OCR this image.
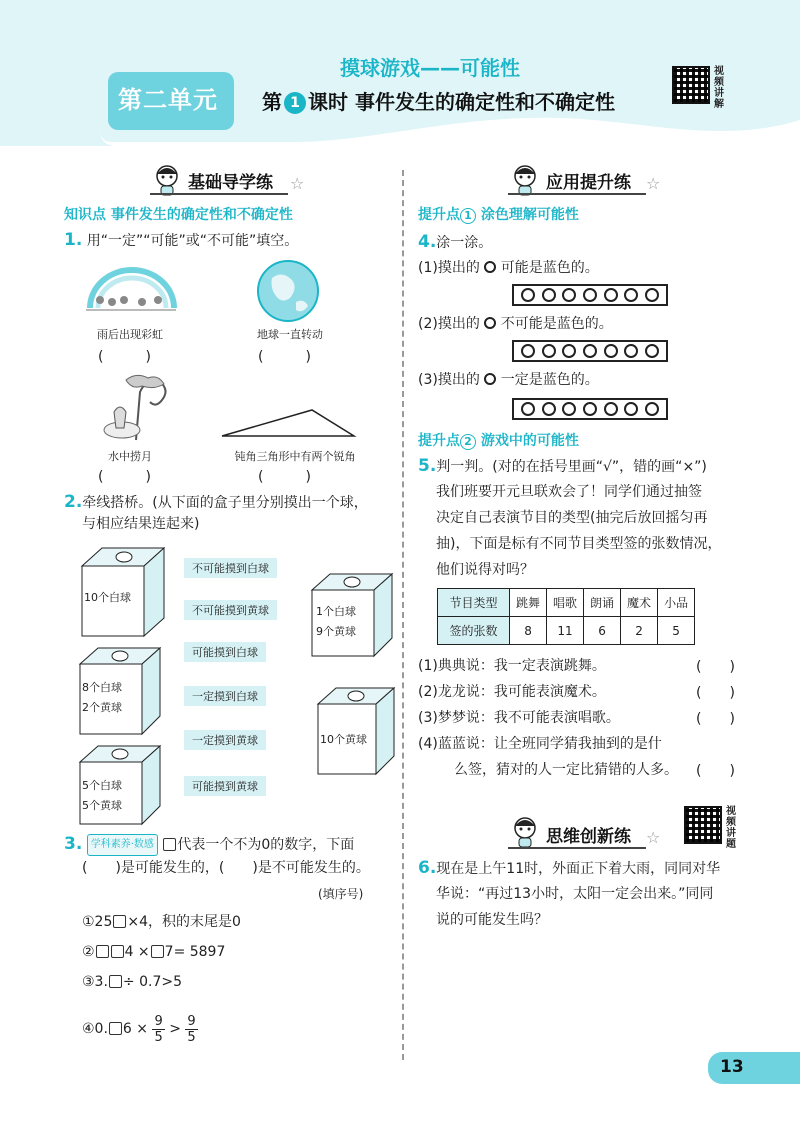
第二单元
摸球游戏——可能性
第 1 课时 事件发生的确定性和不确定性
视频讲解
基础导学练 ☆
知识点 事件发生的确定性和不确定性
1. 用“一定”“可能”或“不可能”填空。
雨后出现彩虹
(　　　)
地球一直转动
(　　　)
水中捞月
(　　　)
钝角三角形中有两个锐角
(　　　)
2.牵线搭桥。(从下面的盒子里分别摸出一个球，
与相应结果连起来)
10个白球
1个白球
9个黄球
8个白球
2个黄球
10个黄球
5个白球
5个黄球
不可能摸到白球
不可能摸到黄球
可能摸到白球
一定摸到白球
一定摸到黄球
可能摸到黄球
3. 学科素养·数感 代表一个不为0的数字，下面
(　　)是可能发生的，(　　)是不可能发生的。
(填序号)
①25 ×4，积的末尾是0
② 4 × 7= 5897
③3. ÷ 0.7>5
④0. $6 \times \frac{9}{5} > \frac{9}{5}$
应用提升练 ☆
提升点 1 涂色理解可能性
4.涂一涂。
(1)摸出的 可能是蓝色的。
(2)摸出的 不可能是蓝色的。
(3)摸出的 一定是蓝色的。
提升点 2 游戏中的可能性
5.判一判。(对的在括号里画“√”，错的画“×”)
我们班要开元旦联欢会了！同学们通过抽签
决定自己表演节目的类型(抽完后放回摇匀再
抽)，下面是标有不同节目类型签的张数情况，
他们说得对吗？
节目类型	跳舞	唱歌	朗诵	魔术	小品
签的张数	8	11	6	2	5
(1)典典说：我一定表演跳舞。	(　　)
(2)龙龙说：我可能表演魔术。	(　　)
(3)梦梦说：我不可能表演唱歌。	(　　)
(4)蓝蓝说：让全班同学猜我抽到的是什
么签，猜对的人一定比猜错的人多。 (　　)
思维创新练 ☆
视频讲题
6.现在是上午11时，外面正下着大雨，同同对华
华说：“再过13小时，太阳一定会出来。”同同
说的可能发生吗？
13
